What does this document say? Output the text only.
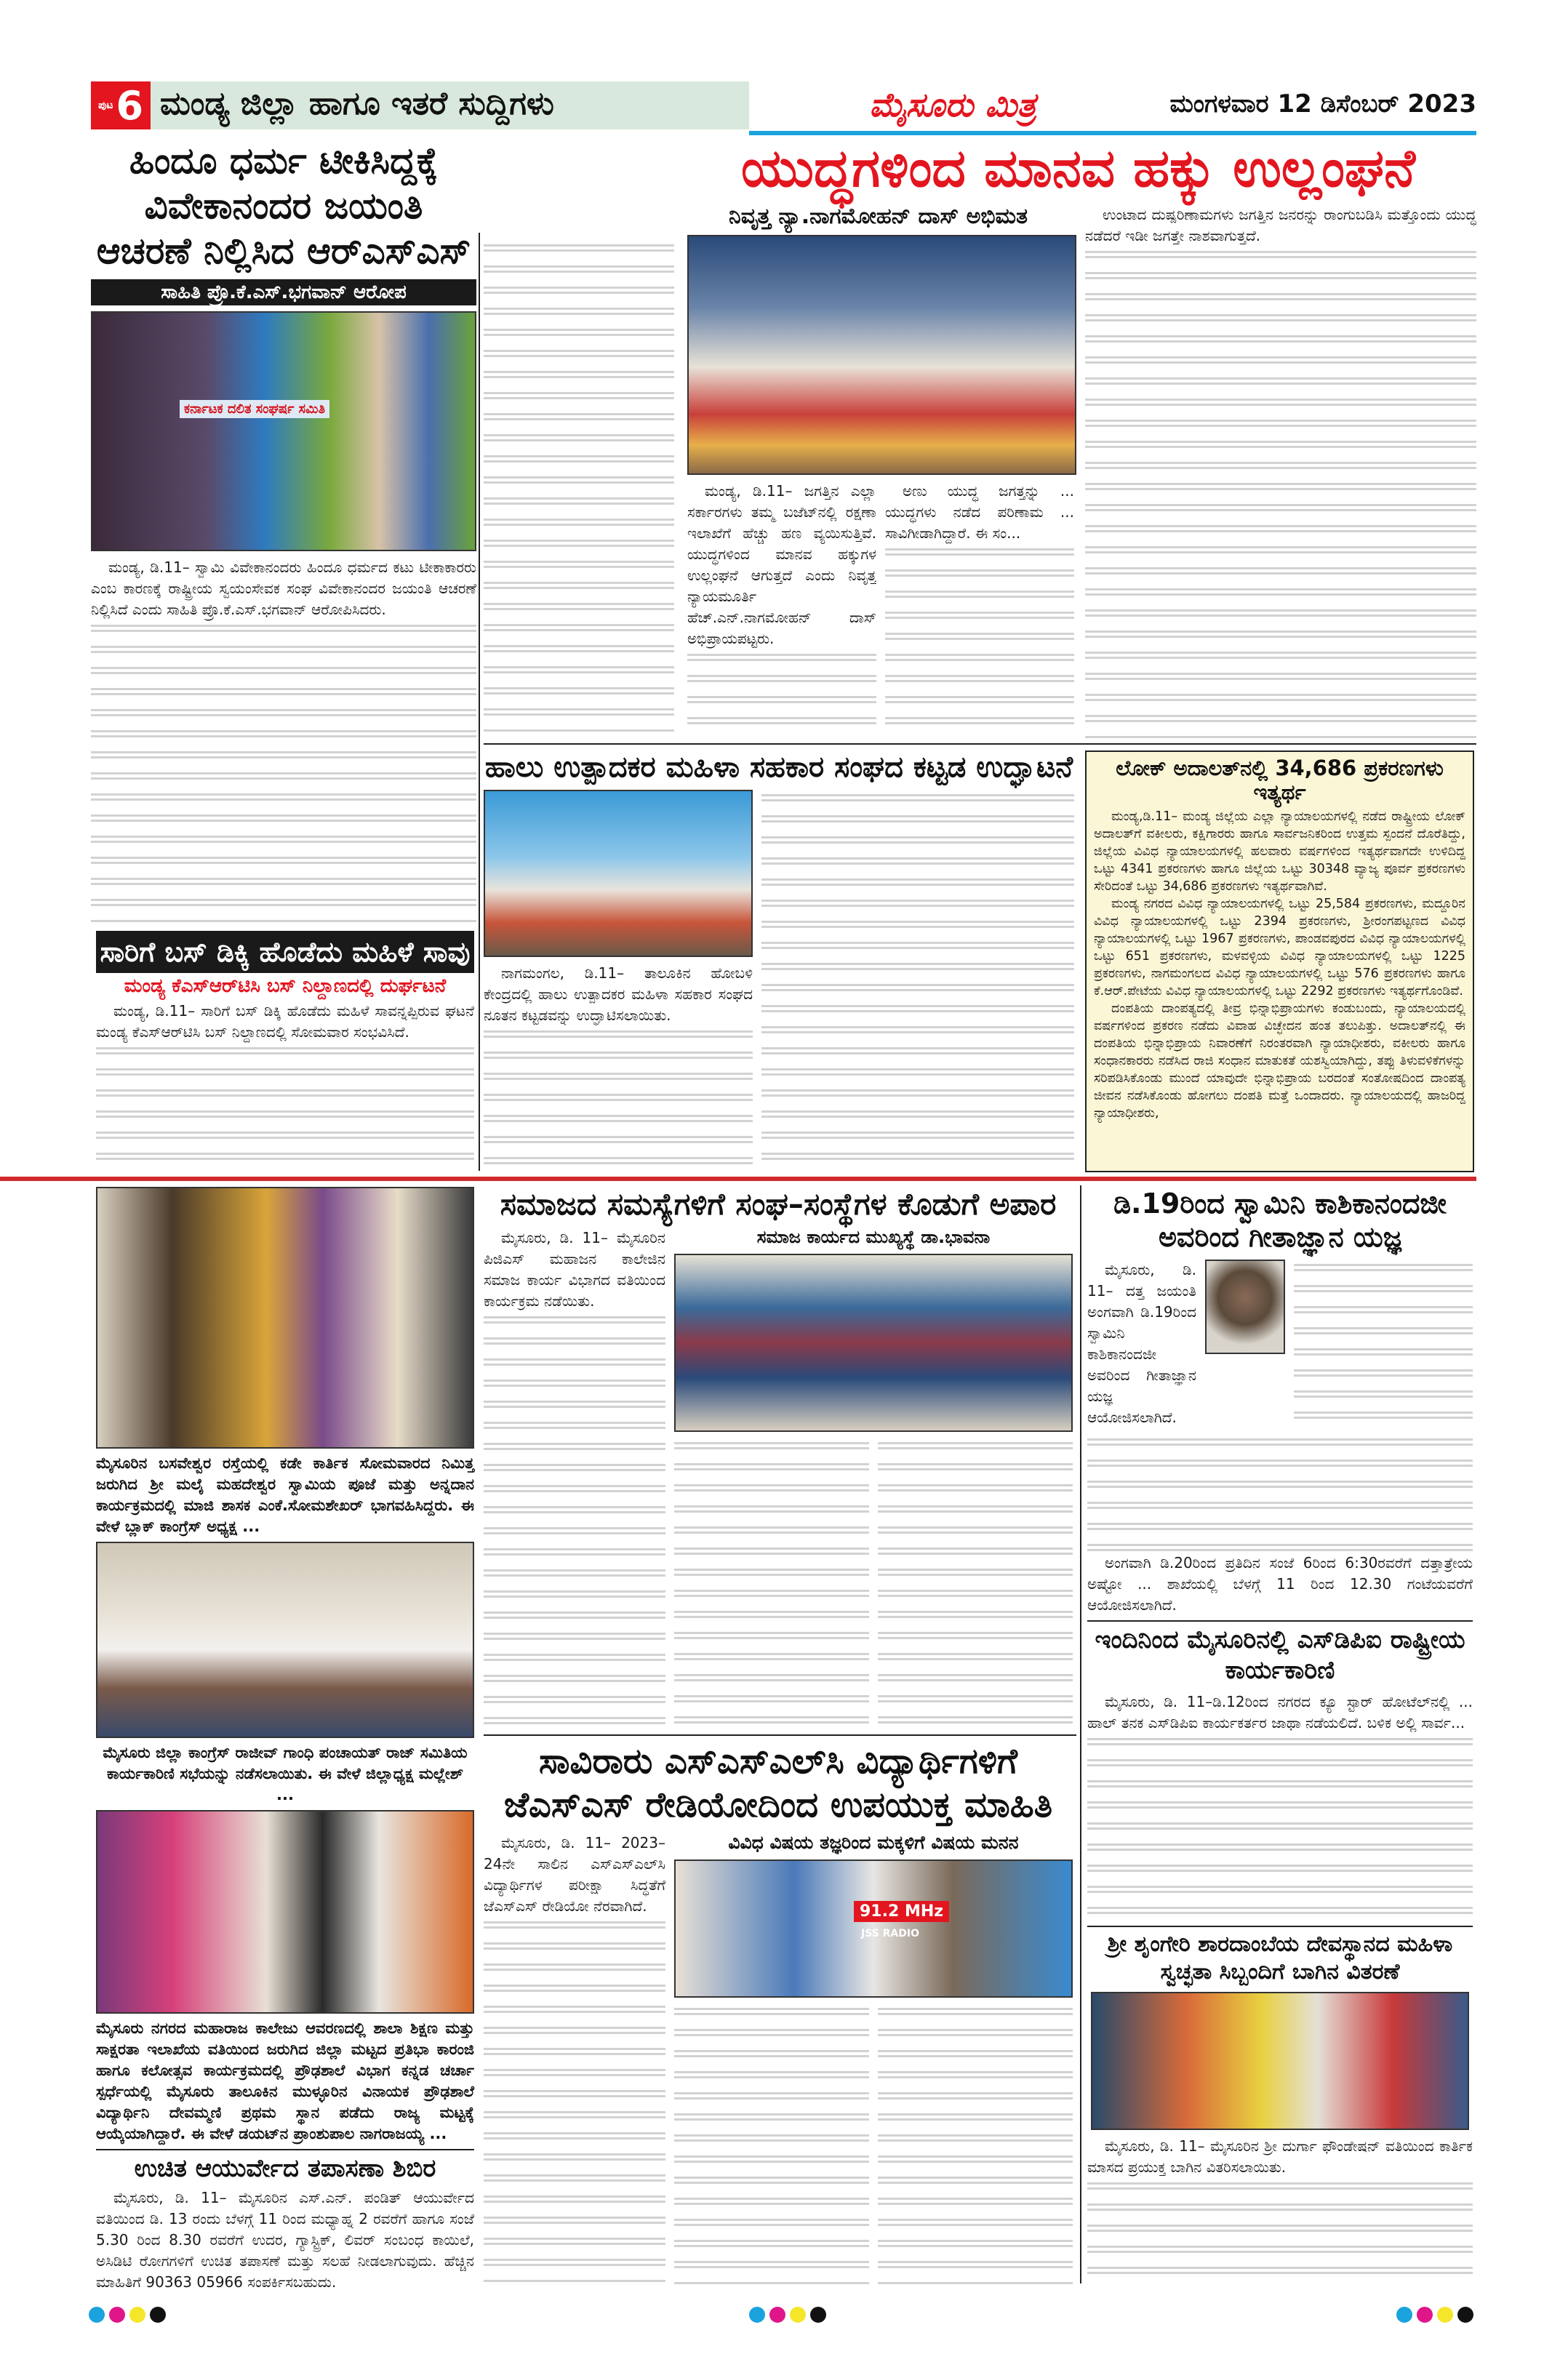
ಪುಟ 6 ಮಂಡ್ಯ ಜಿಲ್ಲಾ ಹಾಗೂ ಇತರೆ ಸುದ್ದಿಗಳು	ಮೈಸೂರು ಮಿತ್ರ	ಮಂಗಳವಾರ 12 ಡಿಸೆಂಬರ್ 2023
ಹಿಂದೂ ಧರ್ಮ ಟೀಕಿಸಿದ್ದಕ್ಕೆ ವಿವೇಕಾನಂದರ ಜಯಂತಿ ಆಚರಣೆ ನಿಲ್ಲಿಸಿದ ಆರ್‌ಎಸ್‌ಎಸ್
ಸಾಹಿತಿ ಪ್ರೊ.ಕೆ.ಎಸ್.ಭಗವಾನ್ ಆರೋಪ
ಕರ್ನಾಟಕ ದಲಿತ ಸಂಘರ್ಷ ಸಮಿತಿ

ಮಂಡ್ಯ, ಡಿ.11– ಸ್ವಾಮಿ ವಿವೇಕಾನಂದರು ಹಿಂದೂ ಧರ್ಮದ ಕಟು ಟೀಕಾಕಾರರು ಎಂಬ ಕಾರಣಕ್ಕೆ ರಾಷ್ಟ್ರೀಯ ಸ್ವಯಂಸೇವಕ ಸಂಘ ವಿವೇಕಾನಂದರ ಜಯಂತಿ ಆಚರಣೆ ನಿಲ್ಲಿಸಿದೆ ಎಂದು ಸಾಹಿತಿ ಪ್ರೊ.ಕೆ.ಎಸ್.ಭಗವಾನ್ ಆರೋಪಿಸಿದರು.

ಯುದ್ಧಗಳಿಂದ ಮಾನವ ಹಕ್ಕು ಉಲ್ಲಂಘನೆ
ನಿವೃತ್ತ ನ್ಯಾ.ನಾಗಮೋಹನ್ ದಾಸ್ ಅಭಿಮತ

ಮಂಡ್ಯ, ಡಿ.11– ಜಗತ್ತಿನ ಎಲ್ಲಾ ಸರ್ಕಾರಗಳು ತಮ್ಮ ಬಜೆಟ್‌ನಲ್ಲಿ ರಕ್ಷಣಾ ಇಲಾಖೆಗೆ ಹೆಚ್ಚು ಹಣ ವ್ಯಯಿಸುತ್ತಿವೆ. ಯುದ್ಧಗಳಿಂದ ಮಾನವ ಹಕ್ಕುಗಳ ಉಲ್ಲಂಘನೆ ಆಗುತ್ತದೆ ಎಂದು ನಿವೃತ್ತ ನ್ಯಾಯಮೂರ್ತಿ ಹೆಚ್.ಎನ್.ನಾಗಮೋಹನ್ ದಾಸ್ ಅಭಿಪ್ರಾಯಪಟ್ಟರು.

ಅಣು ಯುದ್ಧ ಜಗತ್ತನ್ನು ... ಯುದ್ಧಗಳು ನಡೆದ ಪರಿಣಾಮ ... ಸಾವಿಗೀಡಾಗಿದ್ದಾರೆ. ಈ ಸಂ...

ಉಂಟಾದ ದುಷ್ಪರಿಣಾಮಗಳು ಜಗತ್ತಿನ ಜನರನ್ನು ರಾಂಗುಬಡಿಸಿ ಮತ್ತೊಂದು ಯುದ್ಧ ನಡೆದರೆ ಇಡೀ ಜಗತ್ತೇ ನಾಶವಾಗುತ್ತದೆ.

ಹಾಲು ಉತ್ಪಾದಕರ ಮಹಿಳಾ ಸಹಕಾರ ಸಂಘದ ಕಟ್ಟಡ ಉದ್ಘಾಟನೆ

ನಾಗಮಂಗಲ, ಡಿ.11– ತಾಲೂಕಿನ ಹೋಬಳಿ ಕೇಂದ್ರದಲ್ಲಿ ಹಾಲು ಉತ್ಪಾದಕರ ಮಹಿಳಾ ಸಹಕಾರ ಸಂಘದ ನೂತನ ಕಟ್ಟಡವನ್ನು ಉದ್ಘಾಟಿಸಲಾಯಿತು.

ಲೋಕ್ ಅದಾಲತ್‌ನಲ್ಲಿ 34,686 ಪ್ರಕರಣಗಳು ಇತ್ಯರ್ಥ

ಮಂಡ್ಯ,ಡಿ.11– ಮಂಡ್ಯ ಜಿಲ್ಲೆಯ ಎಲ್ಲಾ ನ್ಯಾಯಾಲಯಗಳಲ್ಲಿ ನಡೆದ ರಾಷ್ಟ್ರೀಯ ಲೋಕ್ ಅದಾಲತ್‌ಗೆ ವಕೀಲರು, ಕಕ್ಷಿಗಾರರು ಹಾಗೂ ಸಾರ್ವಜನಿಕರಿಂದ ಉತ್ತಮ ಸ್ಪಂದನೆ ದೊರೆತಿದ್ದು, ಜಿಲ್ಲೆಯ ವಿವಿಧ ನ್ಯಾಯಾಲಯಗಳಲ್ಲಿ ಹಲವಾರು ವರ್ಷಗಳಿಂದ ಇತ್ಯರ್ಥವಾಗದೇ ಉಳಿದಿದ್ದ ಒಟ್ಟು 4341 ಪ್ರಕರಣಗಳು ಹಾಗೂ ಜಿಲ್ಲೆಯ ಒಟ್ಟು 30348 ವ್ಯಾಜ್ಯ ಪೂರ್ವ ಪ್ರಕರಣಗಳು ಸೇರಿದಂತೆ ಒಟ್ಟು 34,686 ಪ್ರಕರಣಗಳು ಇತ್ಯರ್ಥವಾಗಿವೆ.

ಮಂಡ್ಯ ನಗರದ ವಿವಿಧ ನ್ಯಾಯಾಲಯಗಳಲ್ಲಿ ಒಟ್ಟು 25,584 ಪ್ರಕರಣಗಳು, ಮದ್ದೂರಿನ ವಿವಿಧ ನ್ಯಾಯಾಲಯಗಳಲ್ಲಿ ಒಟ್ಟು 2394 ಪ್ರಕರಣಗಳು, ಶ್ರೀರಂಗಪಟ್ಟಣದ ವಿವಿಧ ನ್ಯಾಯಾಲಯಗಳಲ್ಲಿ ಒಟ್ಟು 1967 ಪ್ರಕರಣಗಳು, ಪಾಂಡವಪುರದ ವಿವಿಧ ನ್ಯಾಯಾಲಯಗಳಲ್ಲಿ ಒಟ್ಟು 651 ಪ್ರಕರಣಗಳು, ಮಳವಳ್ಳಿಯ ವಿವಿಧ ನ್ಯಾಯಾಲಯಗಳಲ್ಲಿ ಒಟ್ಟು 1225 ಪ್ರಕರಣಗಳು, ನಾಗಮಂಗಲದ ವಿವಿಧ ನ್ಯಾಯಾಲಯಗಳಲ್ಲಿ ಒಟ್ಟು 576 ಪ್ರಕರಣಗಳು ಹಾಗೂ ಕೆ.ಆರ್.ಪೇಟೆಯ ವಿವಿಧ ನ್ಯಾಯಾಲಯಗಳಲ್ಲಿ ಒಟ್ಟು 2292 ಪ್ರಕರಣಗಳು ಇತ್ಯರ್ಥಗೊಂಡಿವೆ.

ದಂಪತಿಯ ದಾಂಪತ್ಯದಲ್ಲಿ ತೀವ್ರ ಭಿನ್ನಾಭಿಪ್ರಾಯಗಳು ಕಂಡುಬಂದು, ನ್ಯಾಯಾಲಯದಲ್ಲಿ ವರ್ಷಗಳಿಂದ ಪ್ರಕರಣ ನಡೆದು ವಿವಾಹ ವಿಚ್ಛೇದನ ಹಂತ ತಲುಪಿತ್ತು. ಅದಾಲತ್‌ನಲ್ಲಿ ಈ ದಂಪತಿಯ ಭಿನ್ನಾಭಿಪ್ರಾಯ ನಿವಾರಣೆಗೆ ನಿರಂತರವಾಗಿ ನ್ಯಾಯಾಧೀಶರು, ವಕೀಲರು ಹಾಗೂ ಸಂಧಾನಕಾರರು ನಡೆಸಿದ ರಾಜಿ ಸಂಧಾನ ಮಾತುಕತೆ ಯಶಸ್ವಿಯಾಗಿದ್ದು, ತಪ್ಪು ತಿಳುವಳಿಕೆಗಳನ್ನು ಸರಿಪಡಿಸಿಕೊಂಡು ಮುಂದೆ ಯಾವುದೇ ಭಿನ್ನಾಭಿಪ್ರಾಯ ಬರದಂತೆ ಸಂತೋಷದಿಂದ ದಾಂಪತ್ಯ ಜೀವನ ನಡೆಸಿಕೊಂಡು ಹೋಗಲು ದಂಪತಿ ಮತ್ತೆ ಒಂದಾದರು. ನ್ಯಾಯಾಲಯದಲ್ಲಿ ಹಾಜರಿದ್ದ ನ್ಯಾಯಾಧೀಶರು,

ಸಾರಿಗೆ ಬಸ್ ಡಿಕ್ಕಿ ಹೊಡೆದು ಮಹಿಳೆ ಸಾವು
ಮಂಡ್ಯ ಕೆಎಸ್‌ಆರ್‌ಟಿಸಿ ಬಸ್ ನಿಲ್ದಾಣದಲ್ಲಿ ದುರ್ಘಟನೆ

ಮಂಡ್ಯ, ಡಿ.11– ಸಾರಿಗೆ ಬಸ್ ಡಿಕ್ಕಿ ಹೊಡೆದು ಮಹಿಳೆ ಸಾವನ್ನಪ್ಪಿರುವ ಘಟನೆ ಮಂಡ್ಯ ಕೆಎಸ್‌ಆರ್‌ಟಿಸಿ ಬಸ್ ನಿಲ್ದಾಣದಲ್ಲಿ ಸೋಮವಾರ ಸಂಭವಿಸಿದೆ.

ಮೈಸೂರಿನ ಬಸವೇಶ್ವರ ರಸ್ತೆಯಲ್ಲಿ ಕಡೇ ಕಾರ್ತಿಕ ಸೋಮವಾರದ ನಿಮಿತ್ತ ಜರುಗಿದ ಶ್ರೀ ಮಲೈ ಮಹದೇಶ್ವರ ಸ್ವಾಮಿಯ ಪೂಜೆ ಮತ್ತು ಅನ್ನದಾನ ಕಾರ್ಯಕ್ರಮದಲ್ಲಿ ಮಾಜಿ ಶಾಸಕ ಎಂಕೆ.ಸೋಮಶೇಖರ್ ಭಾಗವಹಿಸಿದ್ದರು. ಈ ವೇಳೆ ಬ್ಲಾಕ್ ಕಾಂಗ್ರೆಸ್ ಅಧ್ಯಕ್ಷ ...
ಮೈಸೂರು ಜಿಲ್ಲಾ ಕಾಂಗ್ರೆಸ್ ರಾಜೀವ್ ಗಾಂಧಿ ಪಂಚಾಯತ್ ರಾಜ್ ಸಮಿತಿಯ ಕಾರ್ಯಕಾರಿಣಿ ಸಭೆಯನ್ನು ನಡೆಸಲಾಯಿತು. ಈ ವೇಳೆ ಜಿಲ್ಲಾಧ್ಯಕ್ಷ ಮಲ್ಲೇಶ್ ...
ಮೈಸೂರು ನಗರದ ಮಹಾರಾಜ ಕಾಲೇಜು ಆವರಣದಲ್ಲಿ ಶಾಲಾ ಶಿಕ್ಷಣ ಮತ್ತು ಸಾಕ್ಷರತಾ ಇಲಾಖೆಯ ವತಿಯಿಂದ ಜರುಗಿದ ಜಿಲ್ಲಾ ಮಟ್ಟದ ಪ್ರತಿಭಾ ಕಾರಂಜಿ ಹಾಗೂ ಕಲೋತ್ಸವ ಕಾರ್ಯಕ್ರಮದಲ್ಲಿ ಪ್ರೌಢಶಾಲೆ ವಿಭಾಗ ಕನ್ನಡ ಚರ್ಚಾ ಸ್ಪರ್ಧೆಯಲ್ಲಿ ಮೈಸೂರು ತಾಲೂಕಿನ ಮುಳ್ಳೂರಿನ ವಿನಾಯಕ ಪ್ರೌಢಶಾಲೆ ವಿದ್ಯಾರ್ಥಿನಿ ದೇವಮ್ಮಣಿ ಪ್ರಥಮ ಸ್ಥಾನ ಪಡೆದು ರಾಜ್ಯ ಮಟ್ಟಕ್ಕೆ ಆಯ್ಕೆಯಾಗಿದ್ದಾರೆ. ಈ ವೇಳೆ ಡಯಟ್‌ನ ಪ್ರಾಂಶುಪಾಲ ನಾಗರಾಜಯ್ಯ ...
ಉಚಿತ ಆಯುರ್ವೇದ ತಪಾಸಣಾ ಶಿಬಿರ

ಮೈಸೂರು, ಡಿ. 11– ಮೈಸೂರಿನ ಎಸ್.ಎನ್. ಪಂಡಿತ್ ಆಯುರ್ವೇದ ವತಿಯಿಂದ ಡಿ. 13 ರಂದು ಬೆಳಗ್ಗೆ 11 ರಿಂದ ಮಧ್ಯಾಹ್ನ 2 ರವರೆಗೆ ಹಾಗೂ ಸಂಜೆ 5.30 ರಿಂದ 8.30 ರವರೆಗೆ ಉದರ, ಗ್ಯಾಸ್ಟ್ರಿಕ್, ಲಿವರ್ ಸಂಬಂಧ ಕಾಯಿಲೆ, ಅಸಿಡಿಟಿ ರೋಗಗಳಿಗೆ ಉಚಿತ ತಪಾಸಣೆ ಮತ್ತು ಸಲಹೆ ನೀಡಲಾಗುವುದು. ಹೆಚ್ಚಿನ ಮಾಹಿತಿಗೆ 90363 05966 ಸಂಪರ್ಕಿಸಬಹುದು.

ಸಮಾಜದ ಸಮಸ್ಯೆಗಳಿಗೆ ಸಂಘ–ಸಂಸ್ಥೆಗಳ ಕೊಡುಗೆ ಅಪಾರ

ಮೈಸೂರು, ಡಿ. 11– ಮೈಸೂರಿನ ಪಿಜಿಎಸ್ ಮಹಾಜನ ಕಾಲೇಜಿನ ಸಮಾಜ ಕಾರ್ಯ ವಿಭಾಗದ ವತಿಯಿಂದ ಕಾರ್ಯಕ್ರಮ ನಡೆಯಿತು.

ಸಮಾಜ ಕಾರ್ಯದ ಮುಖ್ಯಸ್ಥೆ ಡಾ.ಭಾವನಾ
ಸಾವಿರಾರು ಎಸ್‌ಎಸ್‌ಎಲ್‌ಸಿ ವಿದ್ಯಾರ್ಥಿಗಳಿಗೆ ಜೆಎಸ್‌ಎಸ್ ರೇಡಿಯೋದಿಂದ ಉಪಯುಕ್ತ ಮಾಹಿತಿ

ಮೈಸೂರು, ಡಿ. 11– 2023–24ನೇ ಸಾಲಿನ ಎಸ್‌ಎಸ್‌ಎಲ್‌ಸಿ ವಿದ್ಯಾರ್ಥಿಗಳ ಪರೀಕ್ಷಾ ಸಿದ್ಧತೆಗೆ ಜೆಎಸ್‌ಎಸ್ ರೇಡಿಯೋ ನೆರವಾಗಿದೆ.

ವಿವಿಧ ವಿಷಯ ತಜ್ಞರಿಂದ ಮಕ್ಕಳಿಗೆ ವಿಷಯ ಮನನ
91.2 MHz
JSS RADIO
ಡಿ.19ರಿಂದ ಸ್ವಾಮಿನಿ ಕಾಶಿಕಾನಂದಜೀ ಅವರಿಂದ ಗೀತಾಜ್ಞಾನ ಯಜ್ಞ

ಮೈಸೂರು, ಡಿ. 11– ದತ್ತ ಜಯಂತಿ ಅಂಗವಾಗಿ ಡಿ.19ರಿಂದ ಸ್ವಾಮಿನಿ ಕಾಶಿಕಾನಂದಜೀ ಅವರಿಂದ ಗೀತಾಜ್ಞಾನ ಯಜ್ಞ ಆಯೋಜಿಸಲಾಗಿದೆ.

ಅಂಗವಾಗಿ ಡಿ.20ರಿಂದ ಪ್ರತಿದಿನ ಸಂಜೆ 6ರಿಂದ 6:30ರವರೆಗೆ ದತ್ತಾತ್ರೇಯ ಅಷ್ಟೋ ... ಶಾಖೆಯಲ್ಲಿ ಬೆಳಗ್ಗೆ 11 ರಿಂದ 12.30 ಗಂಟೆಯವರೆಗೆ ಆಯೋಜಿಸಲಾಗಿದೆ.

ಇಂದಿನಿಂದ ಮೈಸೂರಿನಲ್ಲಿ ಎಸ್‌ಡಿಪಿಐ ರಾಷ್ಟ್ರೀಯ ಕಾರ್ಯಕಾರಿಣಿ

ಮೈಸೂರು, ಡಿ. 11–ಡಿ.12ರಿಂದ ನಗರದ ಕ್ಯೂ ಸ್ಟಾರ್ ಹೋಟೆಲ್‌ನಲ್ಲಿ ... ಹಾಲ್ ತನಕ ಎಸ್‌ಡಿಪಿಐ ಕಾರ್ಯಕರ್ತರ ಜಾಥಾ ನಡೆಯಲಿದೆ. ಬಳಿಕ ಅಲ್ಲಿ ಸಾರ್ವ...

ಶ್ರೀ ಶೃಂಗೇರಿ ಶಾರದಾಂಬೆಯ ದೇವಸ್ಥಾನದ ಮಹಿಳಾ ಸ್ವಚ್ಛತಾ ಸಿಬ್ಬಂದಿಗೆ ಬಾಗಿನ ವಿತರಣೆ

ಮೈಸೂರು, ಡಿ. 11– ಮೈಸೂರಿನ ಶ್ರೀ ದುರ್ಗಾ ಫೌಂಡೇಷನ್ ವತಿಯಿಂದ ಕಾರ್ತಿಕ ಮಾಸದ ಪ್ರಯುಕ್ತ ಬಾಗಿನ ವಿತರಿಸಲಾಯಿತು.
